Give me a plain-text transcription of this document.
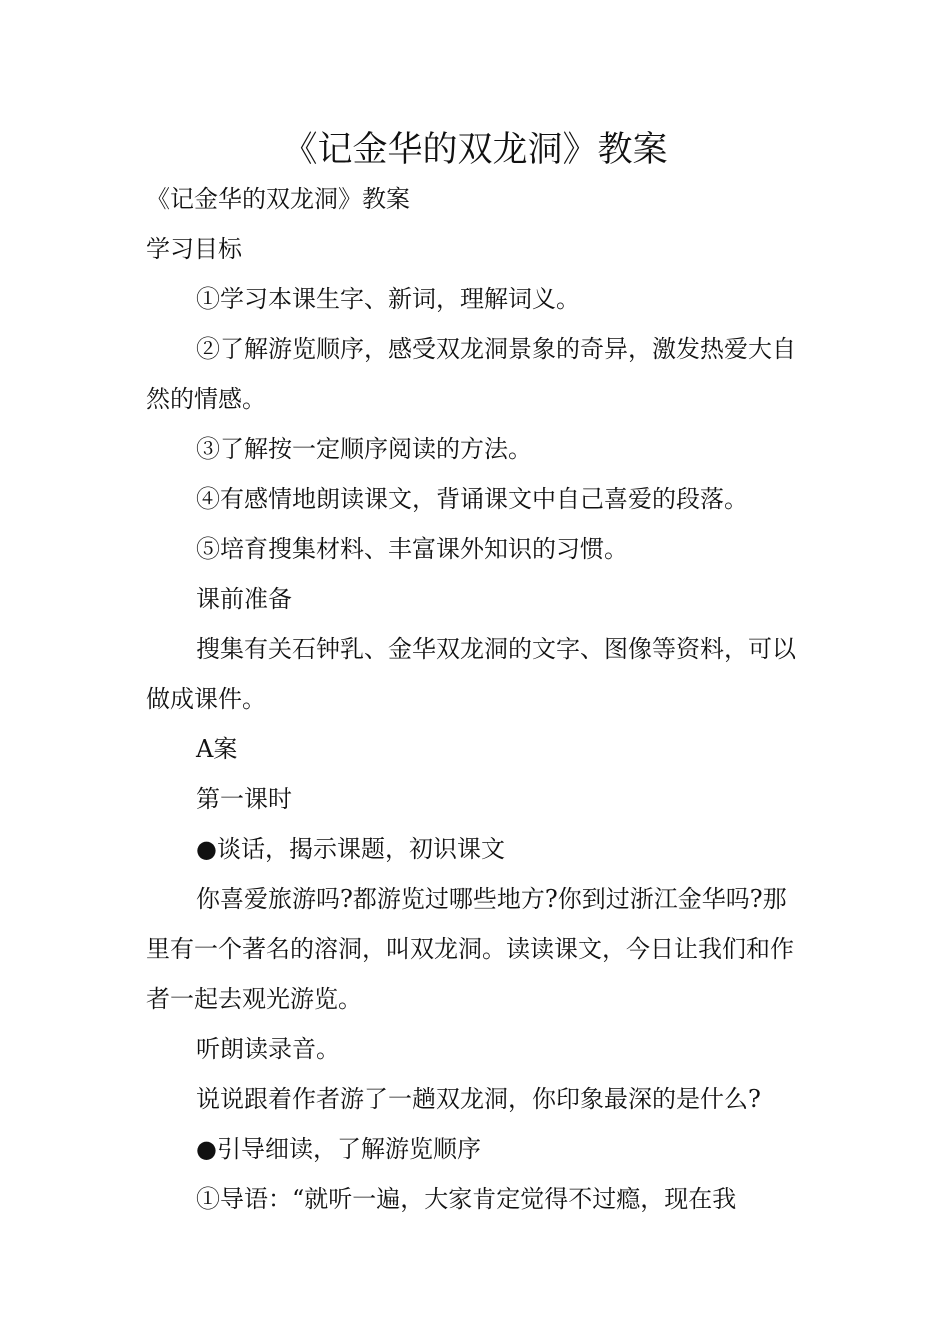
《记金华的双龙洞》教案

《记金华的双龙洞》教案

学习目标

①学习本课生字、新词，理解词义。

②了解游览顺序，感受双龙洞景象的奇异，激发热爱大自然的情感。

③了解按一定顺序阅读的方法。

④有感情地朗读课文，背诵课文中自己喜爱的段落。

⑤培育搜集材料、丰富课外知识的习惯。

课前准备

搜集有关石钟乳、金华双龙洞的文字、图像等资料，可以做成课件。

A案

第一课时

●谈话，揭示课题，初识课文

你喜爱旅游吗?都游览过哪些地方?你到过浙江金华吗?那里有一个著名的溶洞，叫双龙洞。读读课文，今日让我们和作者一起去观光游览。

听朗读录音。

说说跟着作者游了一趟双龙洞，你印象最深的是什么?

●引导细读，了解游览顺序

①导语：“就听一遍，大家肯定觉得不过瘾，现在我
